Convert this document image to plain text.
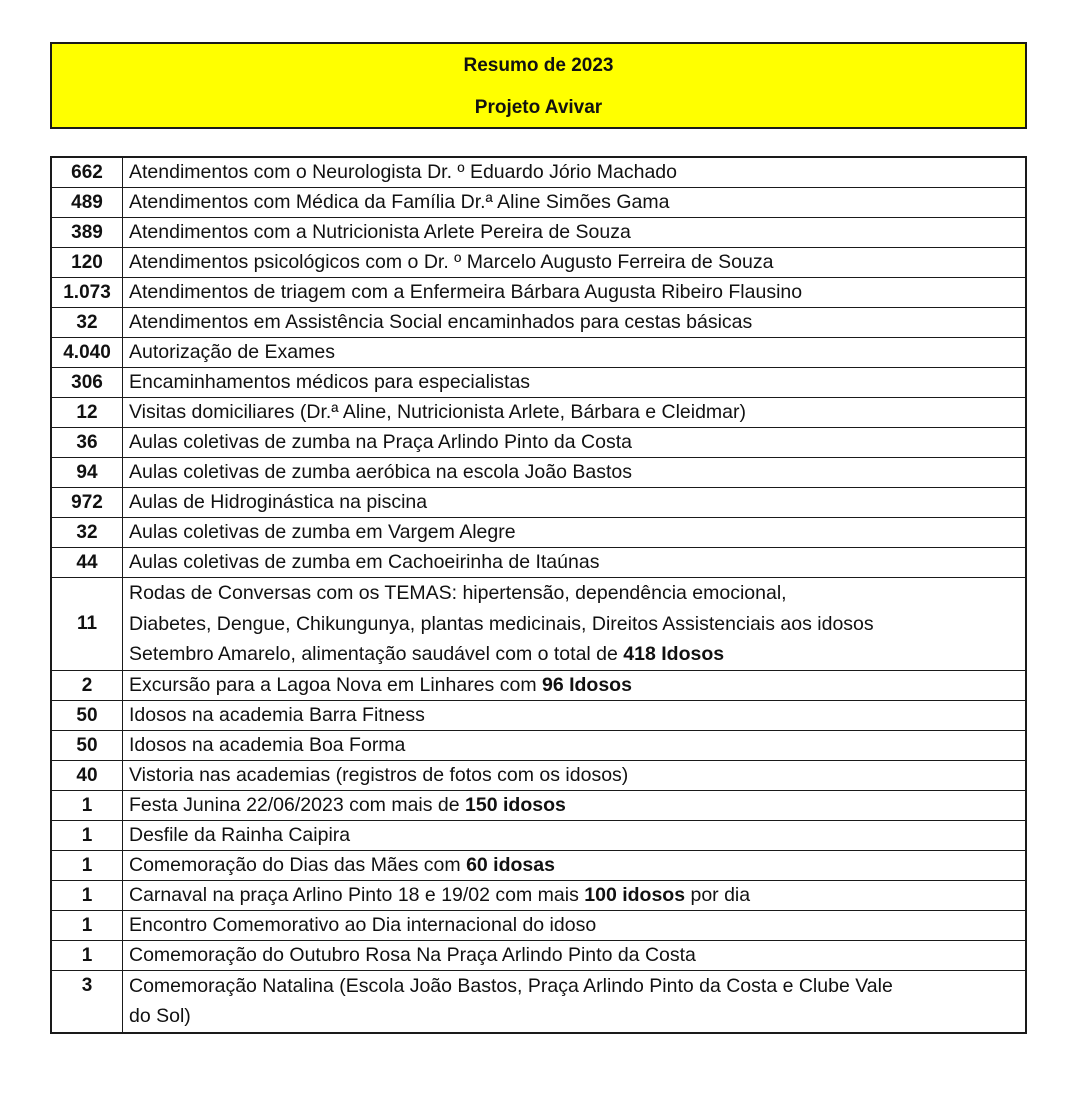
Resumo de 2023
Projeto Avivar
662	Atendimentos com o Neurologista Dr. º Eduardo Jório Machado
489	Atendimentos com Médica da Família Dr.ª Aline Simões Gama
389	Atendimentos com a Nutricionista Arlete Pereira de Souza
120	Atendimentos psicológicos com o Dr. º Marcelo Augusto Ferreira de Souza
1.073	Atendimentos de triagem com a Enfermeira Bárbara Augusta Ribeiro Flausino
32	Atendimentos em Assistência Social encaminhados para cestas básicas
4.040	Autorização de Exames
306	Encaminhamentos médicos para especialistas
12	Visitas domiciliares (Dr.ª Aline, Nutricionista Arlete, Bárbara e Cleidmar)
36	Aulas coletivas de zumba na Praça Arlindo Pinto da Costa
94	Aulas coletivas de zumba aeróbica na escola João Bastos
972	Aulas de Hidroginástica na piscina
32	Aulas coletivas de zumba em Vargem Alegre
44	Aulas coletivas de zumba em Cachoeirinha de Itaúnas
11	Rodas de Conversas com os TEMAS: hipertensão, dependência emocional,
Diabetes, Dengue, Chikungunya, plantas medicinais, Direitos Assistenciais aos idosos
Setembro Amarelo, alimentação saudável com o total de 418 Idosos

2	Excursão para a Lagoa Nova em Linhares com 96 Idosos
50	Idosos na academia Barra Fitness
50	Idosos na academia Boa Forma
40	Vistoria nas academias (registros de fotos com os idosos)
1	Festa Junina 22/06/2023 com mais de 150 idosos
1	Desfile da Rainha Caipira
1	Comemoração do Dias das Mães com 60 idosas
1	Carnaval na praça Arlino Pinto 18 e 19/02 com mais 100 idosos por dia
1	Encontro Comemorativo ao Dia internacional do idoso
1	Comemoração do Outubro Rosa Na Praça Arlindo Pinto da Costa
3	Comemoração Natalina (Escola João Bastos, Praça Arlindo Pinto da Costa e Clube Vale
do Sol)
